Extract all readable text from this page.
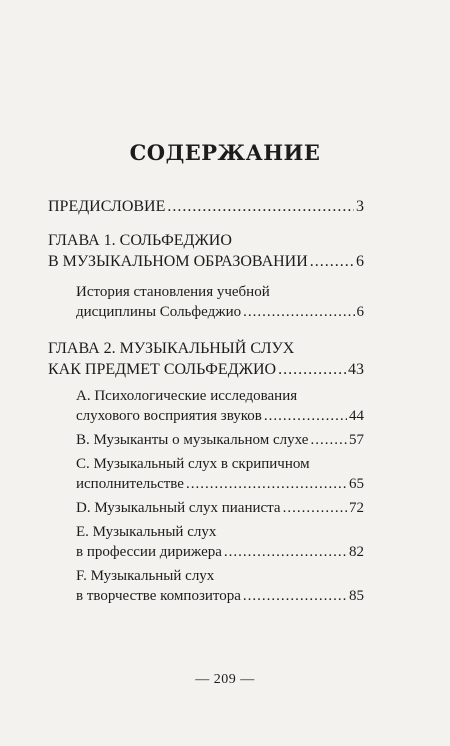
СОДЕРЖАНИЕ
ПРЕДИСЛОВИЕ .....	3
ГЛАВА 1. СОЛЬФЕДЖИО
В МУЗЫКАЛЬНОМ ОБРАЗОВАНИИ .....	6
История становления учебной
дисциплины Сольфеджио .....	6
ГЛАВА 2. МУЗЫКАЛЬНЫЙ СЛУХ
КАК ПРЕДМЕТ СОЛЬФЕДЖИО .....	43
A. Психологические исследования
слухового восприятия звуков .....	44
B. Музыканты о музыкальном слухе .....	57
C. Музыкальный слух в скрипичном
исполнительстве .....	65
D. Музыкальный слух пианиста .....	72
E. Музыкальный слух
в профессии дирижера .....	82
F. Музыкальный слух
в творчестве композитора .....	85
— 209 —
